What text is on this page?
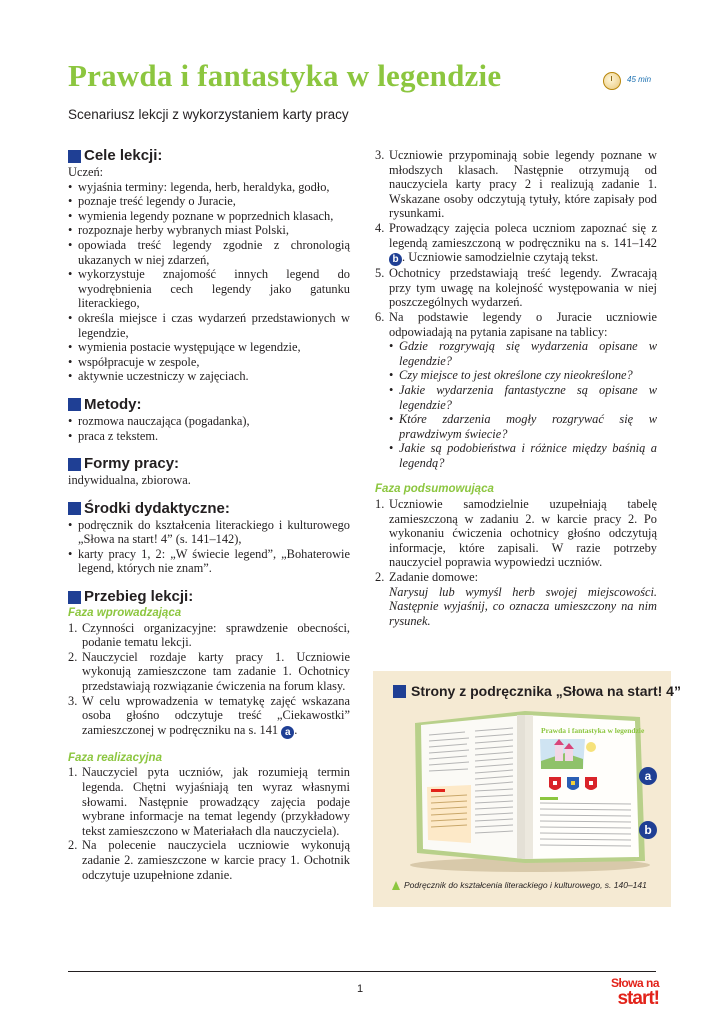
Prawda i fantastyka w legendzie	45 min
Scenariusz lekcji z wykorzystaniem karty pracy
Cele lekcji:
Uczeń:
• wyjaśnia terminy: legenda, herb, heraldyka, godło,
• poznaje treść legendy o Juracie,
• wymienia legendy poznane w poprzednich klasach,
• rozpoznaje herby wybranych miast Polski,
• opowiada treść legendy zgodnie z chronologią ukazanych w niej zdarzeń,
• wykorzystuje znajomość innych legend do wyodrębnienia cech legendy jako gatunku literackiego,
• określa miejsce i czas wydarzeń przedstawionych w legendzie,
• wymienia postacie występujące w legendzie,
• współpracuje w zespole,
• aktywnie uczestniczy w zajęciach.
Metody:
• rozmowa nauczająca (pogadanka),
• praca z tekstem.
Formy pracy:
indywidualna, zbiorowa.
Środki dydaktyczne:
• podręcznik do kształcenia literackiego i kulturowego „Słowa na start! 4” (s. 141–142),
• karty pracy 1, 2: „W świecie legend”, „Bohaterowie legend, których nie znam”.
Przebieg lekcji:
Faza wprowadzająca
1. Czynności organizacyjne: sprawdzenie obecności, podanie tematu lekcji.
2. Nauczyciel rozdaje karty pracy 1. Uczniowie wykonują zamieszczone tam zadanie 1. Ochotnicy przedstawiają rozwiązanie ćwiczenia na forum klasy.
3. W celu wprowadzenia w tematykę zajęć wskazana osoba głośno odczytuje treść „Ciekawostki” zamieszczonej w podręczniku na s. 141 a .
Faza realizacyjna
1. Nauczyciel pyta uczniów, jak rozumieją termin legenda. Chętni wyjaśniają ten wyraz własnymi słowami. Następnie prowadzący zajęcia podaje wybrane informacje na temat legendy (przykładowy tekst zamieszczono w Materiałach dla nauczyciela).
2. Na polecenie nauczyciela uczniowie wykonują zadanie 2. zamieszczone w karcie pracy 1. Ochotnik odczytuje uzupełnione zdanie.
3. Uczniowie przypominają sobie legendy poznane w młodszych klasach. Następnie otrzymują od nauczyciela karty pracy 2 i realizują zadanie 1. Wskazane osoby odczytują tytuły, które zapisały pod rysunkami.
4. Prowadzący zajęcia poleca uczniom zapoznać się z legendą zamieszczoną w podręczniku na s. 141–142 b . Uczniowie samodzielnie czytają tekst.
5. Ochotnicy przedstawiają treść legendy. Zwracają przy tym uwagę na kolejność występowania w niej poszczególnych wydarzeń.
6. Na podstawie legendy o Juracie uczniowie odpowiadają na pytania zapisane na tablicy:
• Gdzie rozgrywają się wydarzenia opisane w legendzie?
• Czy miejsce to jest określone czy nieokreślone?
• Jakie wydarzenia fantastyczne są opisane w legendzie?
• Które zdarzenia mogły rozgrywać się w prawdziwym świecie?
• Jakie są podobieństwa i różnice między baśnią a legendą?
Faza podsumowująca
1. Uczniowie samodzielnie uzupełniają tabelę zamieszczoną w zadaniu 2. w karcie pracy 2. Po wykonaniu ćwiczenia ochotnicy głośno odczytują informacje, które zapisali. W razie potrzeby nauczyciel poprawia wypowiedzi uczniów.
2. Zadanie domowe:
Narysuj lub wymyśl herb swojej miejscowości. Następnie wyjaśnij, co oznacza umieszczony na nim rysunek.
Strony z podręcznika „Słowa na start! 4”
Prawda i fantastyka w legendzie
a
b
Podręcznik do kształcenia literackiego i kulturowego, s. 140–141
1	Słowa na
start!
